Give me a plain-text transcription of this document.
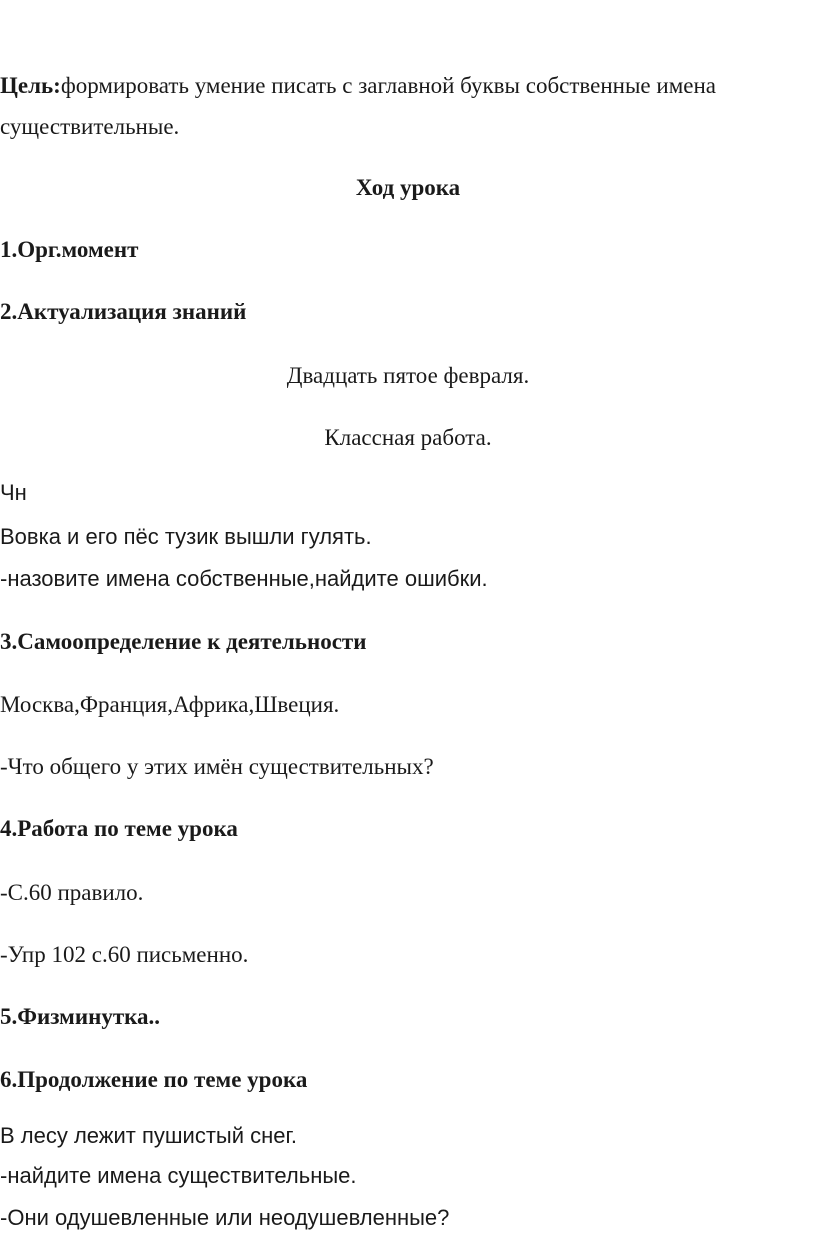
Цель:формировать умение писать с заглавной буквы собственные имена
существительные.
Ход урока
1.Орг.момент
2.Актуализация знаний
Двадцать пятое февраля.
Классная работа.
Чн
Вовка и его пёс тузик вышли гулять.
-назовите имена собственные,найдите ошибки.
3.Самоопределение к деятельности
Москва,Франция,Африка,Швеция.
-Что общего у этих имён существительных?
4.Работа по теме урока
-С.60 правило.
-Упр 102 с.60 письменно.
5.Физминутка..
6.Продолжение по теме урока
В лесу лежит пушистый снег.
-найдите имена существительные.
-Они одушевленные или неодушевленные?
